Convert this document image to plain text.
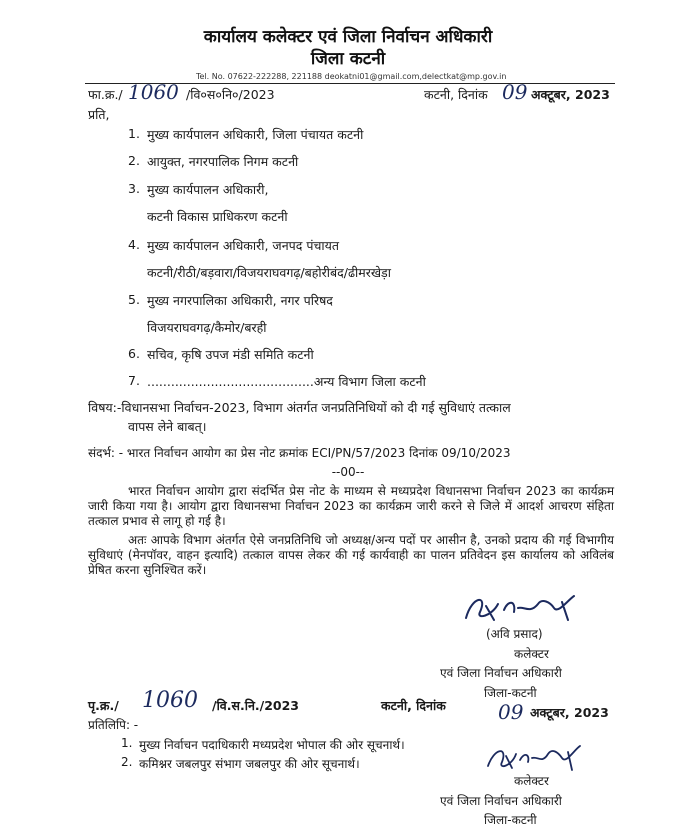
कार्यालय कलेक्टर एवं जिला निर्वाचन अधिकारी
जिला कटनी
Tel. No. 07622-222288, 221188 deokatni01@gmail.com,delectkat@mp.gov.in
फा.क्र./ 1060 /वि०स०नि०/2023	कटनी, दिनांक 09 अक्टूबर, 2023
प्रति,
1. मुख्य कार्यपालन अधिकारी, जिला पंचायत कटनी
2. आयुक्त, नगरपालिक निगम कटनी
3. मुख्य कार्यपालन अधिकारी,
कटनी विकास प्राधिकरण कटनी
4. मुख्य कार्यपालन अधिकारी, जनपद पंचायत
कटनी/रीठी/बड़वारा/विजयराघवगढ़/बहोरीबंद/ढीमरखेड़ा
5. मुख्य नगरपालिका अधिकारी, नगर परिषद
विजयराघवगढ़/कैमोर/बरही
6. सचिव, कृषि उपज मंडी समिति कटनी
7. ..........................................अन्य विभाग जिला कटनी
विषय:-विधानसभा निर्वाचन-2023, विभाग अंतर्गत जनप्रतिनिधियों को दी गई सुविधाएं तत्काल
वापस लेने बाबत्।
संदर्भ: - भारत निर्वाचन आयोग का प्रेस नोट क्रमांक ECI/PN/57/2023 दिनांक 09/10/2023
--00--
भारत निर्वाचन आयोग द्वारा संदर्भित प्रेस नोट के माध्यम से मध्यप्रदेश विधानसभा निर्वाचन 2023 का कार्यक्रम जारी किया गया है। आयोग द्वारा विधानसभा निर्वाचन 2023 का कार्यक्रम जारी करने से जिले में आदर्श आचरण संहिता तत्काल प्रभाव से लागू हो गई है।
अतः आपके विभाग अंतर्गत ऐसे जनप्रतिनिधि जो अध्यक्ष/अन्य पदों पर आसीन है, उनको प्रदाय की गई विभागीय सुविधाएं (मेनपॉवर, वाहन इत्यादि) तत्काल वापस लेकर की गई कार्यवाही का पालन प्रतिवेदन इस कार्यालय को अविलंब प्रेषित करना सुनिश्चित करें।
(अवि प्रसाद)
कलेक्टर
एवं जिला निर्वाचन अधिकारी
जिला-कटनी
पृ.क्र./ 1060 /वि.स.नि./2023	कटनी, दिनांक	09 अक्टूबर, 2023
प्रतिलिपि: -
1. मुख्य निर्वाचन पदाधिकारी मध्यप्रदेश भोपाल की ओर सूचनार्थ।
2. कमिश्नर जबलपुर संभाग जबलपुर की ओर सूचनार्थ।
कलेक्टर
एवं जिला निर्वाचन अधिकारी
जिला-कटनी
